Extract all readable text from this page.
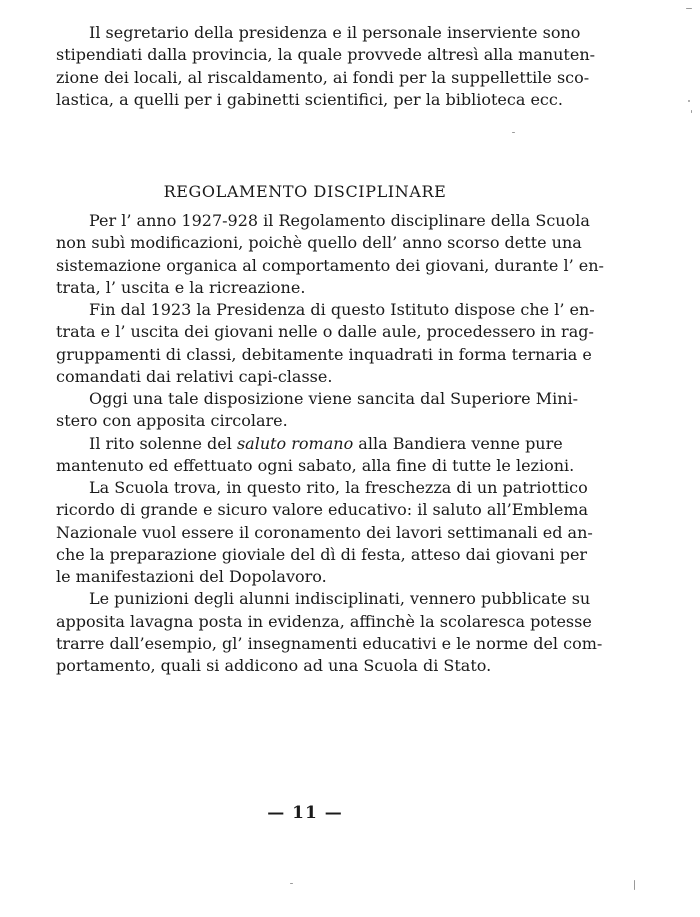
Il segretario della presidenza e il personale inserviente sono
stipendiati dalla provincia, la quale provvede altresì alla manuten-
zione dei locali, al riscaldamento, ai fondi per la suppellettile sco-
lastica, a quelli per i gabinetti scientifici, per la biblioteca ecc.
REGOLAMENTO DISCIPLINARE
Per l’ anno 1927-928 il Regolamento disciplinare della Scuola
non subì modificazioni, poichè quello dell’ anno scorso dette una
sistemazione organica al comportamento dei giovani, durante l’ en-
trata, l’ uscita e la ricreazione.
Fin dal 1923 la Presidenza di questo Istituto dispose che l’ en-
trata e l’ uscita dei giovani nelle o dalle aule, procedessero in rag-
gruppamenti di classi, debitamente inquadrati in forma ternaria e
comandati dai relativi capi-classe.
Oggi una tale disposizione viene sancita dal Superiore Mini-
stero con apposita circolare.
Il rito solenne del saluto romano alla Bandiera venne pure
mantenuto ed effettuato ogni sabato, alla fine di tutte le lezioni.
La Scuola trova, in questo rito, la freschezza di un patriottico
ricordo di grande e sicuro valore educativo: il saluto all’Emblema
Nazionale vuol essere il coronamento dei lavori settimanali ed an-
che la preparazione gioviale del dì di festa, atteso dai giovani per
le manifestazioni del Dopolavoro.
Le punizioni degli alunni indisciplinati, vennero pubblicate su
apposita lavagna posta in evidenza, affinchè la scolaresca potesse
trarre dall’esempio, gl’ insegnamenti educativi e le norme del com-
portamento, quali si addicono ad una Scuola di Stato.
— 11 —
